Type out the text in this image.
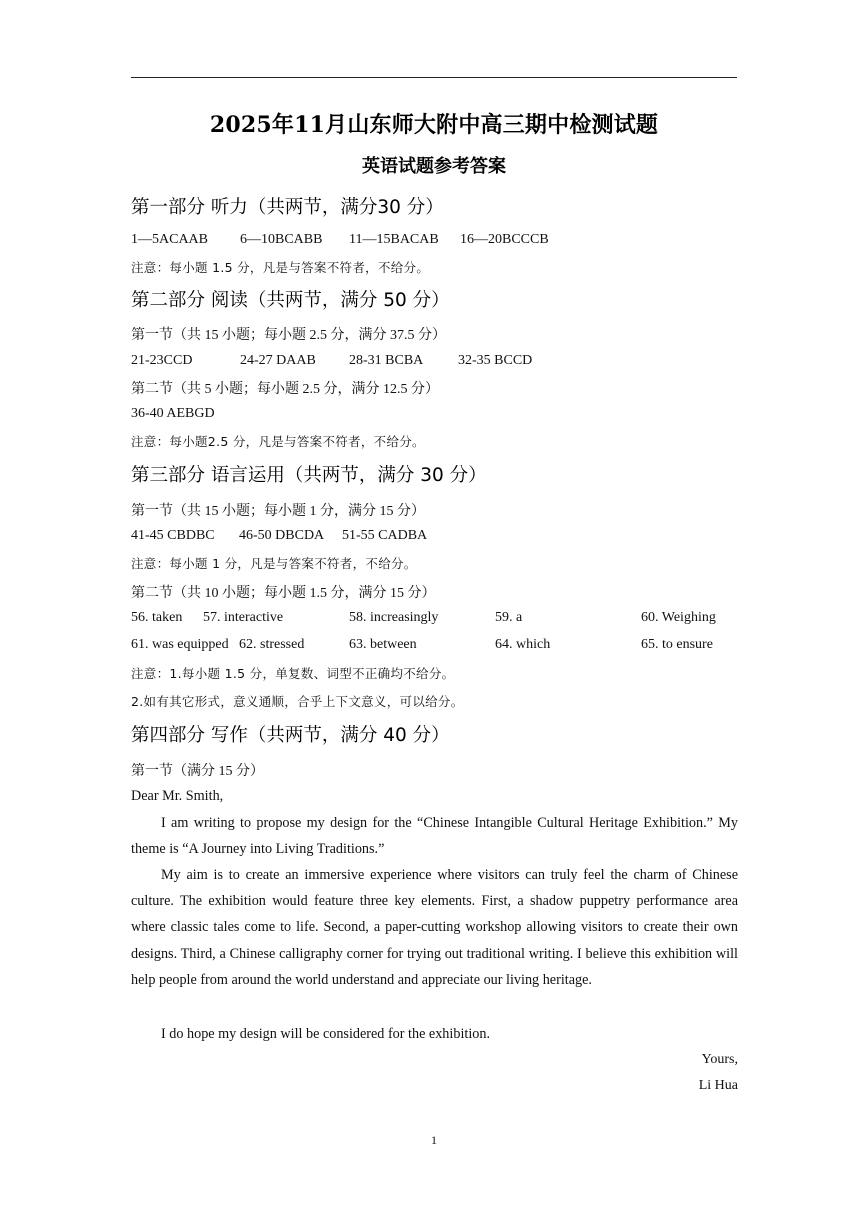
2025年11月山东师大附中高三期中检测试题
英语试题参考答案
第一部分 听力（共两节，满分30 分）
1—5ACAAB 6—10BCABB 11—15BACAB 16—20BCCCB
注意：每小题 1.5 分，凡是与答案不符者，不给分。
第二部分 阅读（共两节，满分 50 分）
第一节（共 15 小题；每小题 2.5 分，满分 37.5 分）
21-23CCD	24-27 DAAB 28-31 BCBA 32-35 BCCD
第二节（共 5 小题；每小题 2.5 分，满分 12.5 分）
36-40 AEBGD
注意：每小题2.5 分，凡是与答案不符者，不给分。
第三部分 语言运用（共两节，满分 30 分）
第一节（共 15 小题；每小题 1 分，满分 15 分）
41-45 CBDBC 46-50 DBCDA 51-55 CADBA
注意：每小题 1 分，凡是与答案不符者，不给分。
第二节（共 10 小题；每小题 1.5 分，满分 15 分）
56. taken 57. interactive	58. increasingly	59. a	60. Weighing
61. was equipped 62. stressed	63. between	64. which	65. to ensure
注意：1.每小题 1.5 分，单复数、词型不正确均不给分。
2.如有其它形式，意义通顺，合乎上下文意义，可以给分。
第四部分 写作（共两节，满分 40 分）
第一节（满分 15 分）
Dear Mr. Smith,
I am writing to propose my design for the “Chinese Intangible Cultural Heritage Exhibition.” My theme is “A Journey into Living Traditions.”
My aim is to create an immersive experience where visitors can truly feel the charm of Chinese culture. The exhibition would feature three key elements. First, a shadow puppetry performance area where classic tales come to life. Second, a paper-cutting workshop allowing visitors to create their own designs. Third, a Chinese calligraphy corner for trying out traditional writing. I believe this exhibition will help people from around the world understand and appreciate our living heritage.
I do hope my design will be considered for the exhibition.
Yours,
Li Hua
1
